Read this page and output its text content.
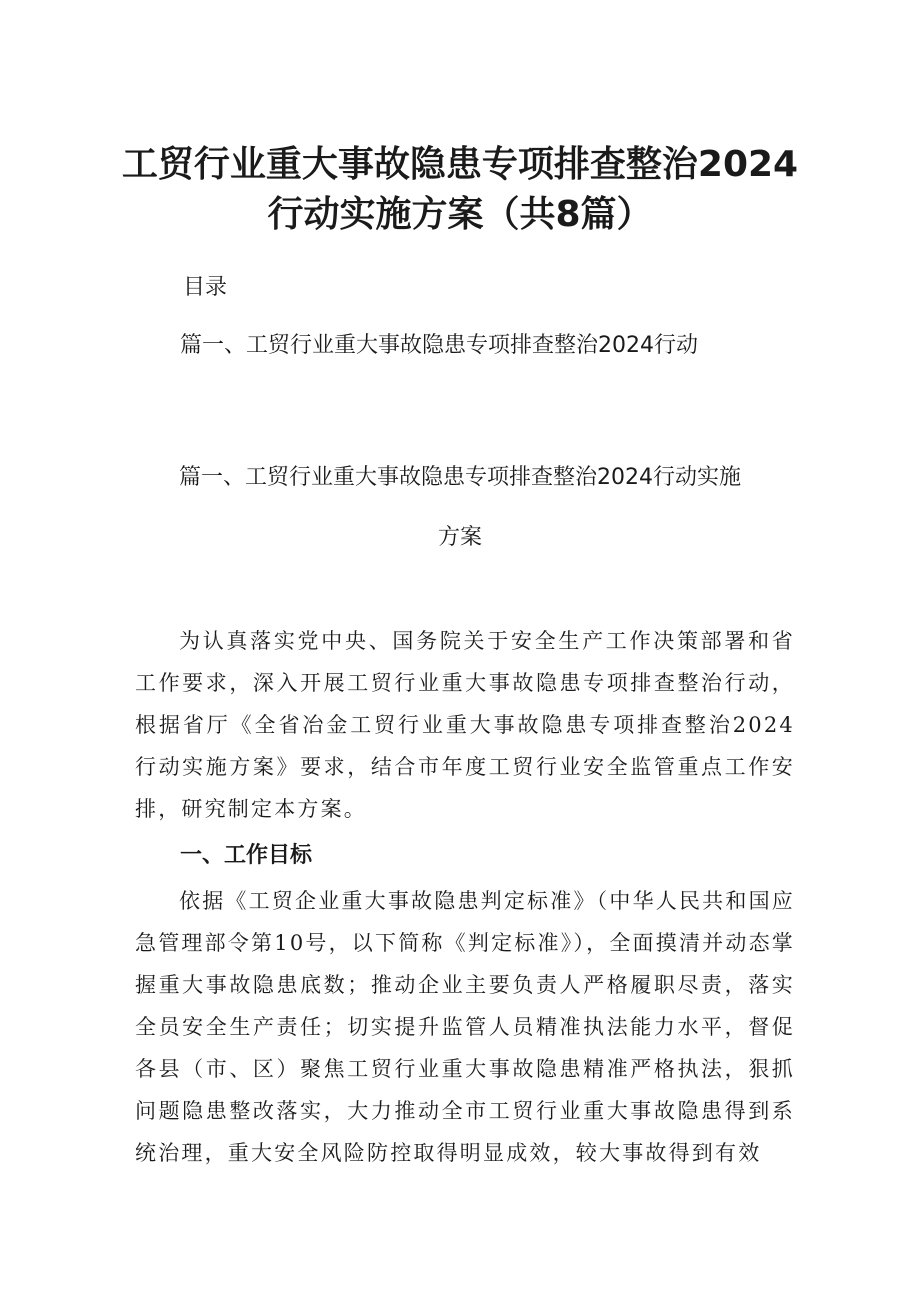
工贸行业重大事故隐患专项排查整治2024
行动实施方案（共8篇）
目录
篇一、工贸行业重大事故隐患专项排查整治2024行动
篇一、工贸行业重大事故隐患专项排查整治2024行动实施
方案

为认真落实党中央、国务院关于安全生产工作决策部署和省工作要求，深入开展工贸行业重大事故隐患专项排查整治行动，根据省厅《全省冶金工贸行业重大事故隐患专项排查整治2024行动实施方案》要求，结合市年度工贸行业安全监管重点工作安排，研究制定本方案。

一、工作目标

依据《工贸企业重大事故隐患判定标准》（中华人民共和国应急管理部令第10号，以下简称《判定标准》），全面摸清并动态掌握重大事故隐患底数；推动企业主要负责人严格履职尽责，落实全员安全生产责任；切实提升监管人员精准执法能力水平，督促各县（市、区）聚焦工贸行业重大事故隐患精准严格执法，狠抓问题隐患整改落实，大力推动全市工贸行业重大事故隐患得到系统治理，重大安全风险防控取得明显成效，较大事故得到有效
